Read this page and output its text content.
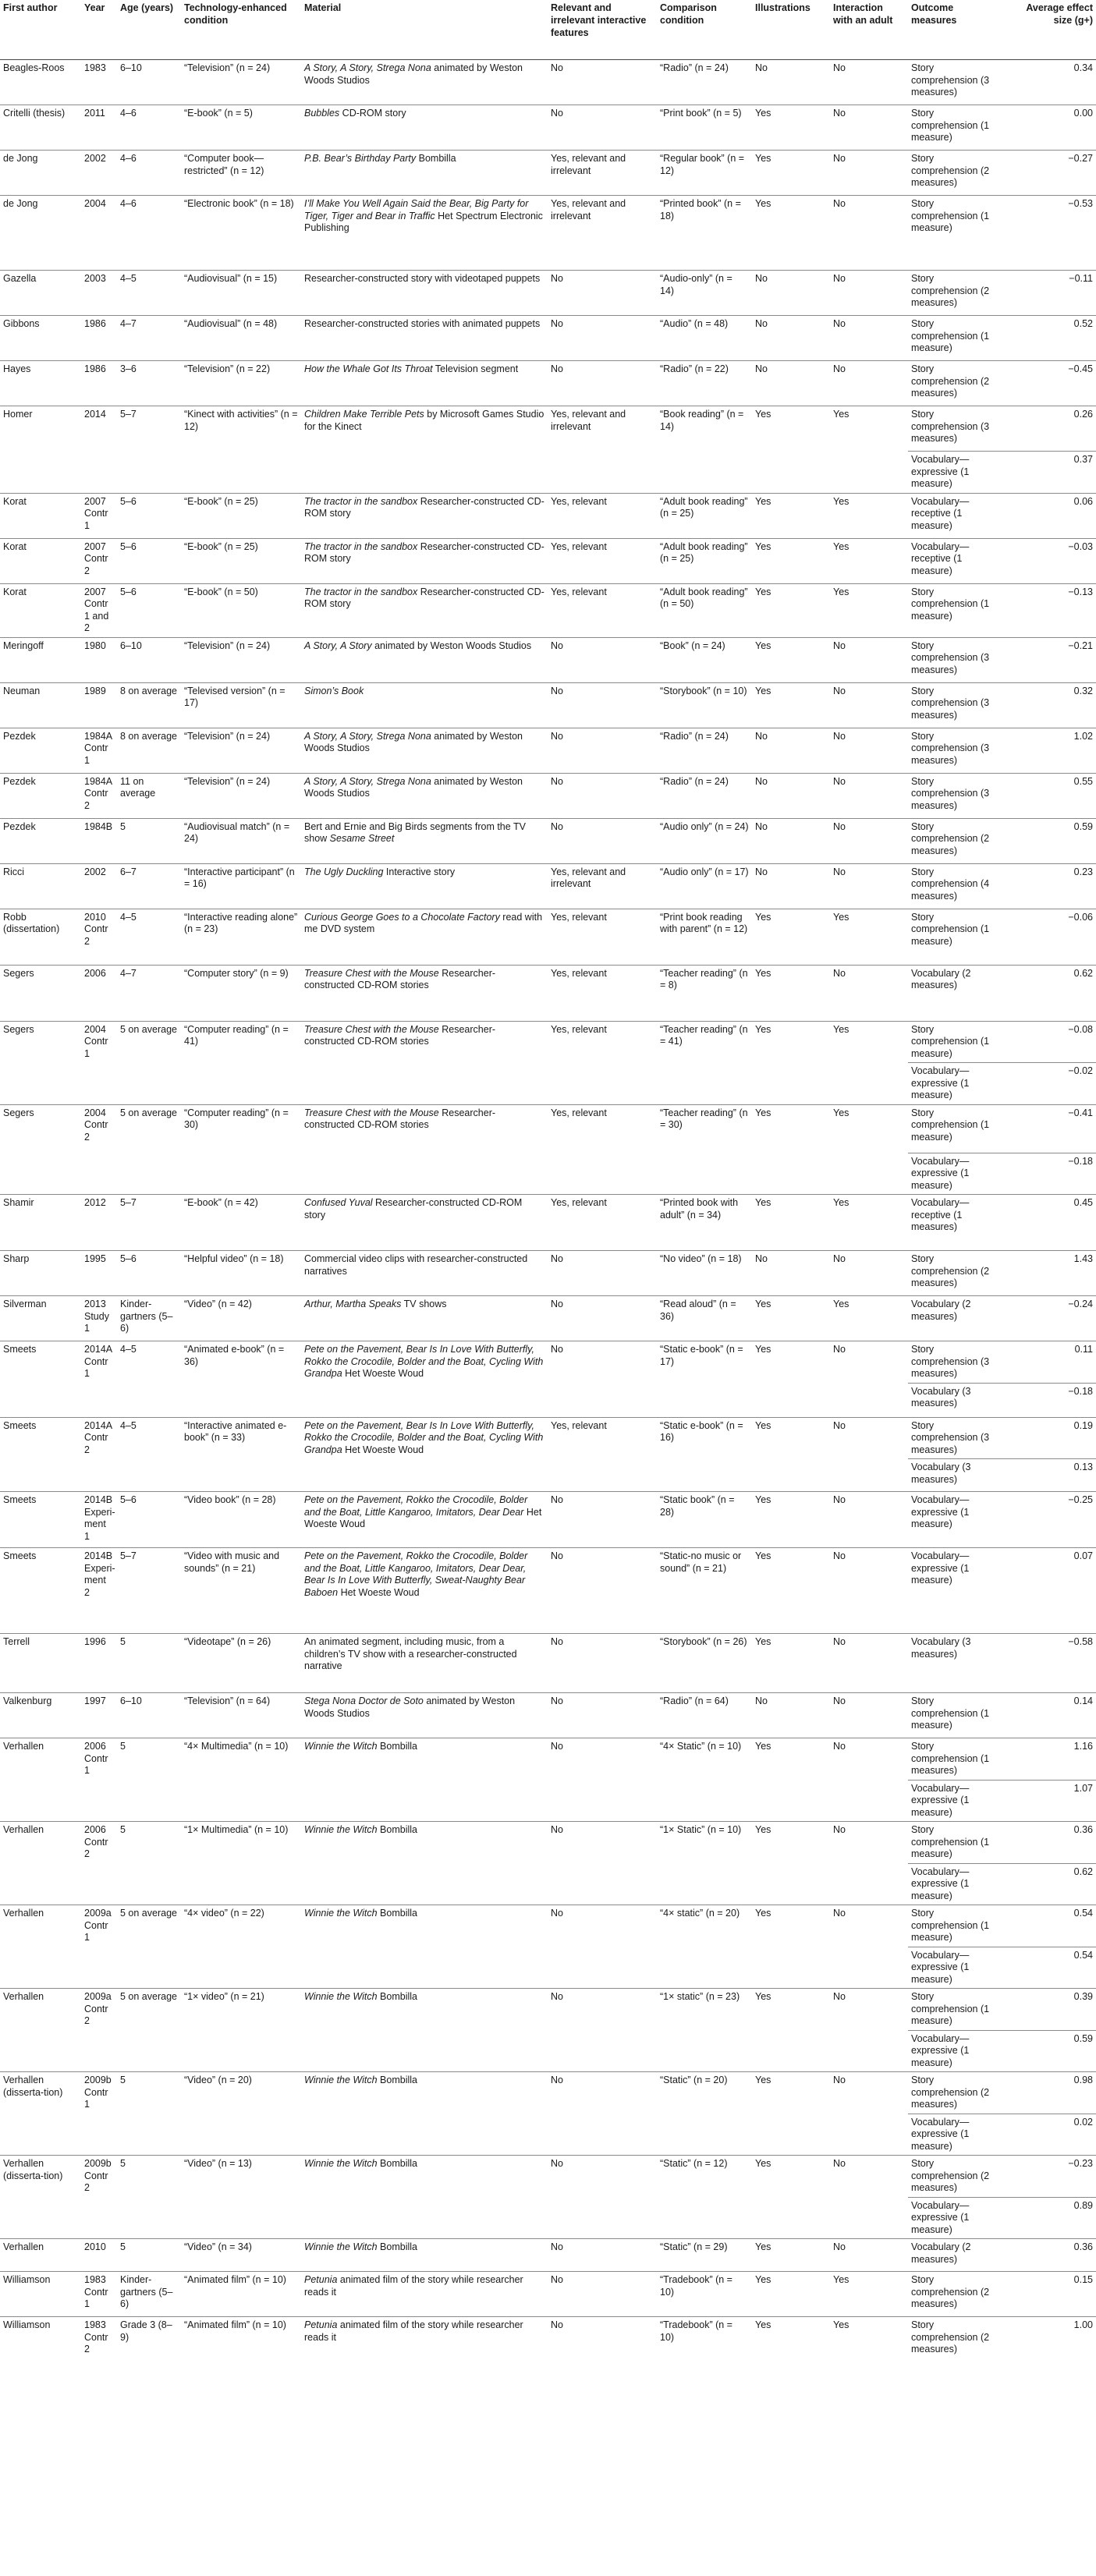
First author	Year	Age (years)	Technology-enhanced condition	Material	Relevant and irrelevant interactive features	Comparison condition	Illustrations	Interaction with an adult	Outcome measures	Average effect size (g+)
Beagles-Roos	1983	6–10	“Television” (n = 24)	A Story, A Story, Strega Nona animated by Weston Woods Studios	No	“Radio” (n = 24)	No	No	Story comprehension (3 measures)	0.34
Critelli (thesis)	2011	4–6	“E-book” (n = 5)	Bubbles CD-ROM story	No	“Print book” (n = 5)	Yes	No	Story comprehension (1 measure)	0.00
de Jong	2002	4–6	“Computer book—restricted” (n = 12)	P.B. Bear’s Birthday Party Bombilla	Yes, relevant and irrelevant	“Regular book” (n = 12)	Yes	No	Story comprehension (2 measures)	−0.27
de Jong	2004	4–6	“Electronic book” (n = 18)	I’ll Make You Well Again Said the Bear, Big Party for Tiger, Tiger and Bear in Traffic Het Spectrum Electronic Publishing	Yes, relevant and irrelevant	“Printed book” (n = 18)	Yes	No	Story comprehension (1 measure)	−0.53
Gazella	2003	4–5	“Audiovisual” (n = 15)	Researcher-constructed story with videotaped puppets	No	“Audio-only” (n = 14)	No	No	Story comprehension (2 measures)	−0.11
Gibbons	1986	4–7	“Audiovisual” (n = 48)	Researcher-constructed stories with animated puppets	No	“Audio” (n = 48)	No	No	Story comprehension (1 measure)	0.52
Hayes	1986	3–6	“Television” (n = 22)	How the Whale Got Its Throat Television segment	No	“Radio” (n = 22)	No	No	Story comprehension (2 measures)	−0.45
Homer	2014	5–7	“Kinect with activities” (n = 12)	Children Make Terrible Pets by Microsoft Games Studio for the Kinect	Yes, relevant and irrelevant	“Book reading” (n = 14)	Yes	Yes	Story comprehension (3 measures)	0.26
									Vocabulary—expressive (1 measure)	0.37
Korat	2007 Contr 1	5–6	“E-book” (n = 25)	The tractor in the sandbox Researcher-constructed CD-ROM story	Yes, relevant	“Adult book reading” (n = 25)	Yes	Yes	Vocabulary—receptive (1 measure)	0.06
Korat	2007 Contr 2	5–6	“E-book” (n = 25)	The tractor in the sandbox Researcher-constructed CD-ROM story	Yes, relevant	“Adult book reading” (n = 25)	Yes	Yes	Vocabulary—receptive (1 measure)	−0.03
Korat	2007 Contr 1 and 2	5–6	“E-book” (n = 50)	The tractor in the sandbox Researcher-constructed CD-ROM story	Yes, relevant	“Adult book reading” (n = 50)	Yes	Yes	Story comprehension (1 measure)	−0.13
Meringoff	1980	6–10	“Television” (n = 24)	A Story, A Story animated by Weston Woods Studios	No	“Book” (n = 24)	Yes	No	Story comprehension (3 measures)	−0.21
Neuman	1989	8 on average	“Televised version” (n = 17)	Simon’s Book	No	“Storybook” (n = 10)	Yes	No	Story comprehension (3 measures)	0.32
Pezdek	1984A Contr 1	8 on average	“Television” (n = 24)	A Story, A Story, Strega Nona animated by Weston Woods Studios	No	“Radio” (n = 24)	No	No	Story comprehension (3 measures)	1.02
Pezdek	1984A Contr 2	11 on average	“Television” (n = 24)	A Story, A Story, Strega Nona animated by Weston Woods Studios	No	“Radio” (n = 24)	No	No	Story comprehension (3 measures)	0.55
Pezdek	1984B	5	“Audiovisual match” (n = 24)	Bert and Ernie and Big Birds segments from the TV show Sesame Street	No	“Audio only” (n = 24)	No	No	Story comprehension (2 measures)	0.59
Ricci	2002	6–7	“Interactive participant” (n = 16)	The Ugly Duckling Interactive story	Yes, relevant and irrelevant	“Audio only” (n = 17)	No	No	Story comprehension (4 measures)	0.23
Robb (dissertation)	2010 Contr 2	4–5	“Interactive reading alone” (n = 23)	Curious George Goes to a Chocolate Factory read with me DVD system	Yes, relevant	“Print book reading with parent” (n = 12)	Yes	Yes	Story comprehension (1 measure)	−0.06
Segers	2006	4–7	“Computer story” (n = 9)	Treasure Chest with the Mouse Researcher-constructed CD-ROM stories	Yes, relevant	“Teacher reading” (n = 8)	Yes	No	Vocabulary (2 measures)	0.62
Segers	2004 Contr 1	5 on average	“Computer reading” (n = 41)	Treasure Chest with the Mouse Researcher-constructed CD-ROM stories	Yes, relevant	“Teacher reading” (n = 41)	Yes	Yes	Story comprehension (1 measure)	−0.08
									Vocabulary—expressive (1 measure)	−0.02
Segers	2004 Contr 2	5 on average	“Computer reading” (n = 30)	Treasure Chest with the Mouse Researcher-constructed CD-ROM stories	Yes, relevant	“Teacher reading” (n = 30)	Yes	Yes	Story comprehension (1 measure)	−0.41
									Vocabulary—expressive (1 measure)	−0.18
Shamir	2012	5–7	“E-book” (n = 42)	Confused Yuval Researcher-constructed CD-ROM story	Yes, relevant	“Printed book with adult” (n = 34)	Yes	Yes	Vocabulary—receptive (1 measures)	0.45
Sharp	1995	5–6	“Helpful video” (n = 18)	Commercial video clips with researcher-constructed narratives	No	“No video” (n = 18)	No	No	Story comprehension (2 measures)	1.43
Silverman	2013 Study 1	Kinder-gartners (5–6)	“Video” (n = 42)	Arthur, Martha Speaks TV shows	No	“Read aloud” (n = 36)	Yes	Yes	Vocabulary (2 measures)	−0.24
Smeets	2014A Contr 1	4–5	“Animated e-book” (n = 36)	Pete on the Pavement, Bear Is In Love With Butterfly, Rokko the Crocodile, Bolder and the Boat, Cycling With Grandpa Het Woeste Woud	No	“Static e-book” (n = 17)	Yes	No	Story comprehension (3 measures)	0.11
									Vocabulary (3 measures)	−0.18
Smeets	2014A Contr 2	4–5	“Interactive animated e-book” (n = 33)	Pete on the Pavement, Bear Is In Love With Butterfly, Rokko the Crocodile, Bolder and the Boat, Cycling With Grandpa Het Woeste Woud	Yes, relevant	“Static e-book” (n = 16)	Yes	No	Story comprehension (3 measures)	0.19
									Vocabulary (3 measures)	0.13
Smeets	2014B Experi-ment 1	5–6	“Video book” (n = 28)	Pete on the Pavement, Rokko the Crocodile, Bolder and the Boat, Little Kangaroo, Imitators, Dear Dear Het Woeste Woud	No	“Static book” (n = 28)	Yes	No	Vocabulary—expressive (1 measure)	−0.25
Smeets	2014B Experi-ment 2	5–7	“Video with music and sounds” (n = 21)	Pete on the Pavement, Rokko the Crocodile, Bolder and the Boat, Little Kangaroo, Imitators, Dear Dear, Bear Is In Love With Butterfly, Sweat-Naughty Bear Baboen Het Woeste Woud	No	“Static-no music or sound” (n = 21)	Yes	No	Vocabulary—expressive (1 measure)	0.07
Terrell	1996	5	“Videotape” (n = 26)	An animated segment, including music, from a children’s TV show with a researcher-constructed narrative	No	“Storybook” (n = 26)	Yes	No	Vocabulary (3 measures)	−0.58
Valkenburg	1997	6–10	“Television” (n = 64)	Stega Nona Doctor de Soto animated by Weston Woods Studios	No	“Radio” (n = 64)	No	No	Story comprehension (1 measure)	0.14
Verhallen	2006 Contr 1	5	“4× Multimedia” (n = 10)	Winnie the Witch Bombilla	No	“4× Static” (n = 10)	Yes	No	Story comprehension (1 measures)	1.16
									Vocabulary—expressive (1 measure)	1.07
Verhallen	2006 Contr 2	5	“1× Multimedia” (n = 10)	Winnie the Witch Bombilla	No	“1× Static” (n = 10)	Yes	No	Story comprehension (1 measure)	0.36
									Vocabulary—expressive (1 measure)	0.62
Verhallen	2009a Contr 1	5 on average	“4× video” (n = 22)	Winnie the Witch Bombilla	No	“4× static” (n = 20)	Yes	No	Story comprehension (1 measure)	0.54
									Vocabulary—expressive (1 measure)	0.54
Verhallen	2009a Contr 2	5 on average	“1× video” (n = 21)	Winnie the Witch Bombilla	No	“1× static” (n = 23)	Yes	No	Story comprehension (1 measure)	0.39
									Vocabulary—expressive (1 measure)	0.59
Verhallen (disserta-tion)	2009b Contr 1	5	“Video” (n = 20)	Winnie the Witch Bombilla	No	“Static” (n = 20)	Yes	No	Story comprehension (2 measures)	0.98
									Vocabulary—expressive (1 measure)	0.02
Verhallen (disserta-tion)	2009b Contr 2	5	“Video” (n = 13)	Winnie the Witch Bombilla	No	“Static” (n = 12)	Yes	No	Story comprehension (2 measures)	−0.23
									Vocabulary—expressive (1 measure)	0.89
Verhallen	2010	5	“Video” (n = 34)	Winnie the Witch Bombilla	No	“Static” (n = 29)	Yes	No	Vocabulary (2 measures)	0.36
Williamson	1983 Contr 1	Kinder-gartners (5–6)	“Animated film” (n = 10)	Petunia animated film of the story while researcher reads it	No	“Tradebook” (n = 10)	Yes	Yes	Story comprehension (2 measures)	0.15
Williamson	1983 Contr 2	Grade 3 (8–9)	“Animated film” (n = 10)	Petunia animated film of the story while researcher reads it	No	“Tradebook” (n = 10)	Yes	Yes	Story comprehension (2 measures)	1.00
